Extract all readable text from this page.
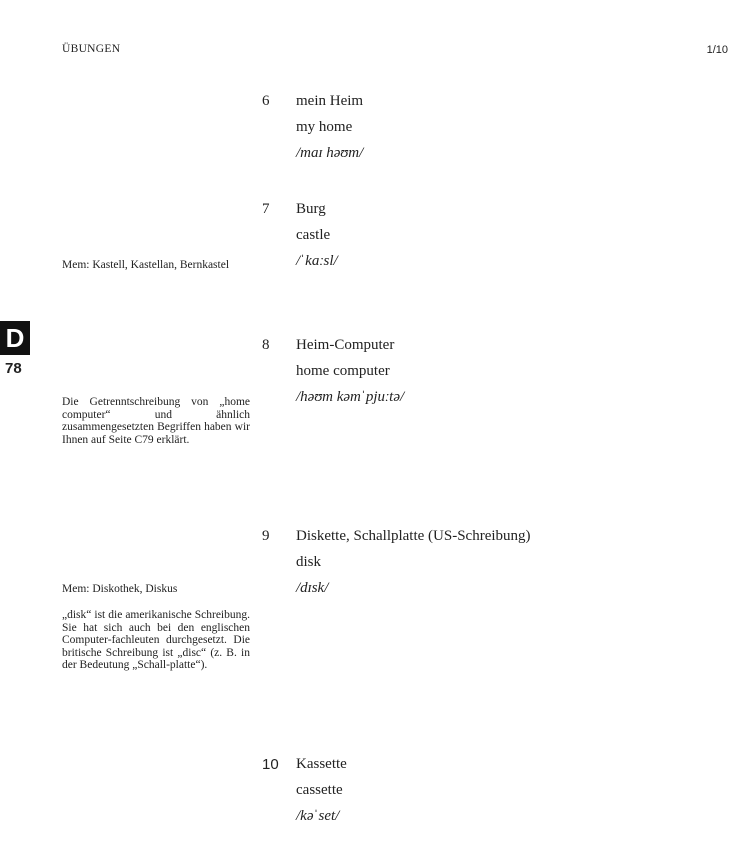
ÜBUNGEN	1/10
D
78
6 mein Heim
my home
/maɪ həʊm/
7 Burg
castle
/ˈkaːsl/
8 Heim-Computer
home computer
/həʊm kəmˈpjuːtə/
9 Diskette, Schallplatte (US-Schreibung)
disk
/dɪsk/
10 Kassette
cassette
/kəˈset/
Mem: Kastell, Kastellan, Bernkastel
Die Getrenntschreibung von „home computer“ und ähnlich zusammengesetzten Begriffen haben wir Ihnen auf Seite C79 erklärt.
Mem: Diskothek, Diskus
„disk“ ist die amerikanische Schreibung. Sie hat sich auch bei den englischen Computer-fachleuten durchgesetzt. Die britische Schreibung ist „disc“ (z. B. in der Bedeutung „Schall-platte“).
